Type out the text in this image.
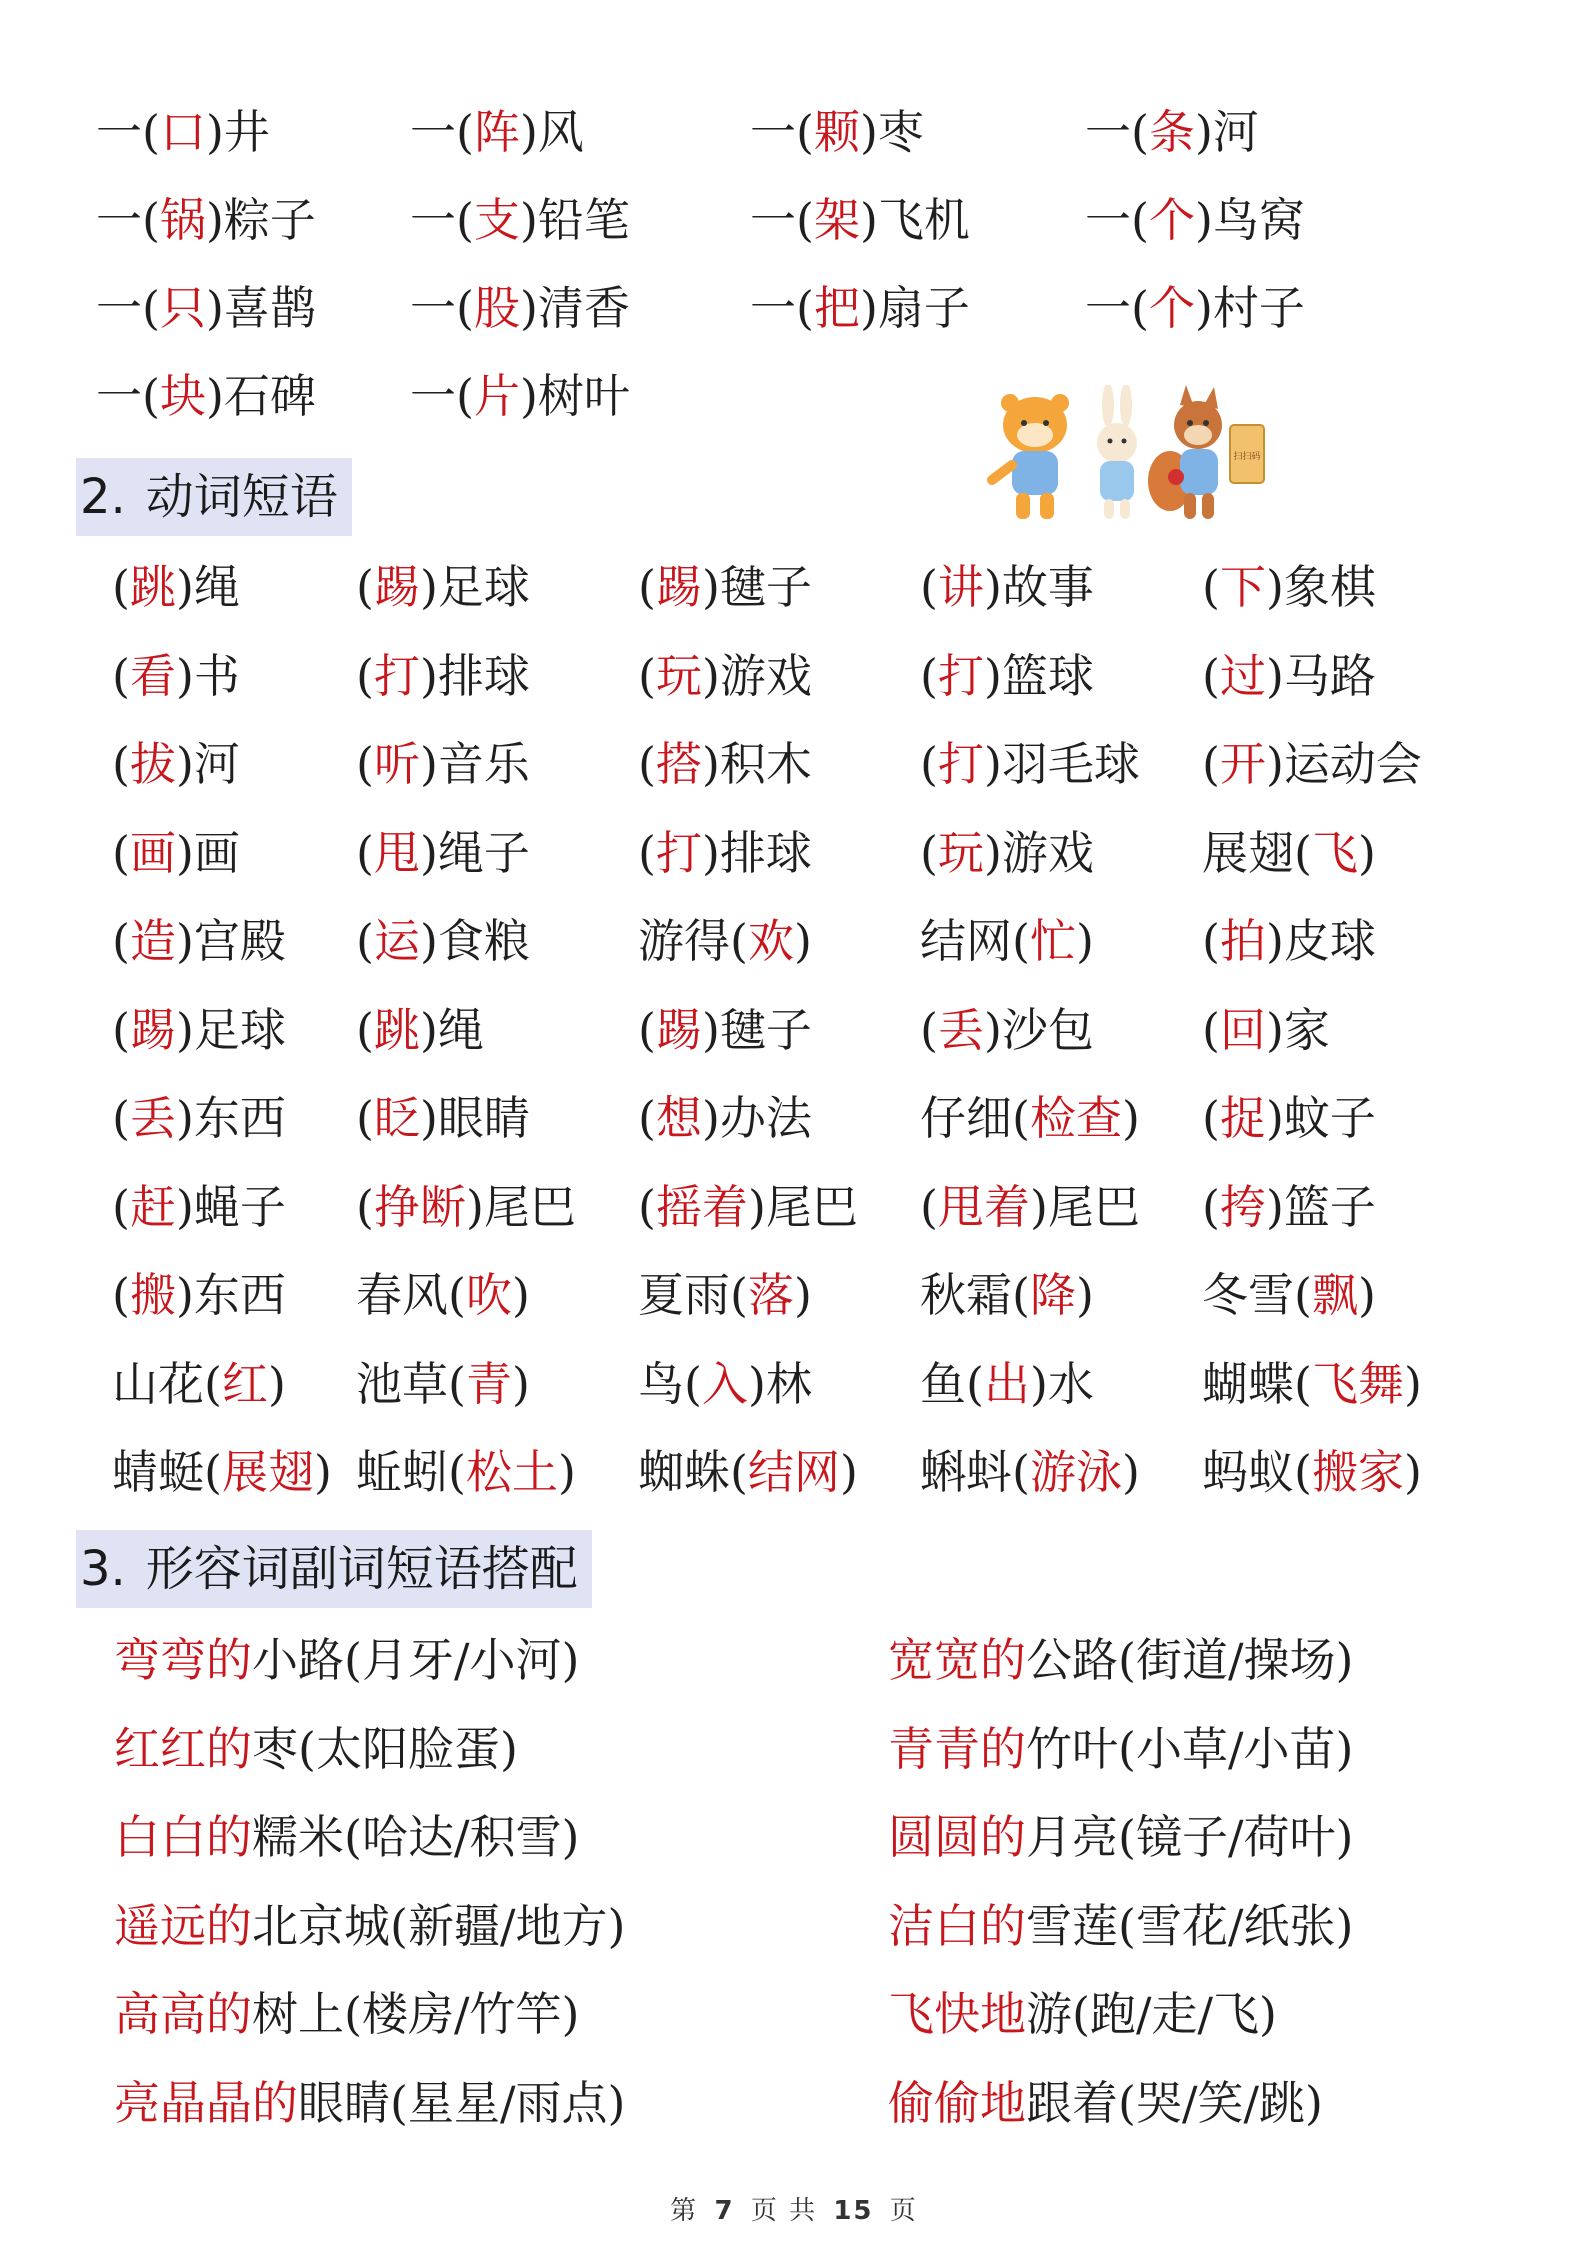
一(口)井	一(阵)风	一(颗)枣	一(条)河
一(锅)粽子 一(支)铅笔	一(架)飞机	一(个)鸟窝
一(只)喜鹊 一(股)清香	一(把)扇子	一(个)村子
一(块)石碑 一(片)树叶
2. 动词短语
(跳)绳	(踢)足球 (踢)毽子 (讲)故事 (下)象棋
(看)书	(打)排球 (玩)游戏 (打)篮球 (过)马路
(拔)河	(听)音乐 (搭)积木 (打)羽毛球 (开)运动会
(画)画	(甩)绳子 (打)排球 (玩)游戏 展翅(飞)
(造)宫殿 (运)食粮 游得(欢) 结网(忙) (拍)皮球
(踢)足球 (跳)绳	(踢)毽子 (丢)沙包 (回)家
(丢)东西 (眨)眼睛 (想)办法 仔细(检查) (捉)蚊子
(赶)蝇子 (挣断)尾巴 (摇着)尾巴 (甩着)尾巴 (挎)篮子
(搬)东西 春风(吹) 夏雨(落) 秋霜(降) 冬雪(飘)
山花(红) 池草(青) 鸟(入)林 鱼(出)水 蝴蝶(飞舞)
蜻蜓(展翅) 蚯蚓(松土) 蜘蛛(结网) 蝌蚪(游泳) 蚂蚁(搬家)
3. 形容词副词短语搭配
弯弯的小路(月牙/小河)	宽宽的公路(街道/操场)
红红的枣(太阳脸蛋)	青青的竹叶(小草/小苗)
白白的糯米(哈达/积雪)	圆圆的月亮(镜子/荷叶)
遥远的北京城(新疆/地方)	洁白的雪莲(雪花/纸张)
高高的树上(楼房/竹竿)	飞快地游(跑/走/飞)
亮晶晶的眼睛(星星/雨点)	偷偷地跟着(哭/笑/跳)
扫扫码
第 7 页 共 15 页
